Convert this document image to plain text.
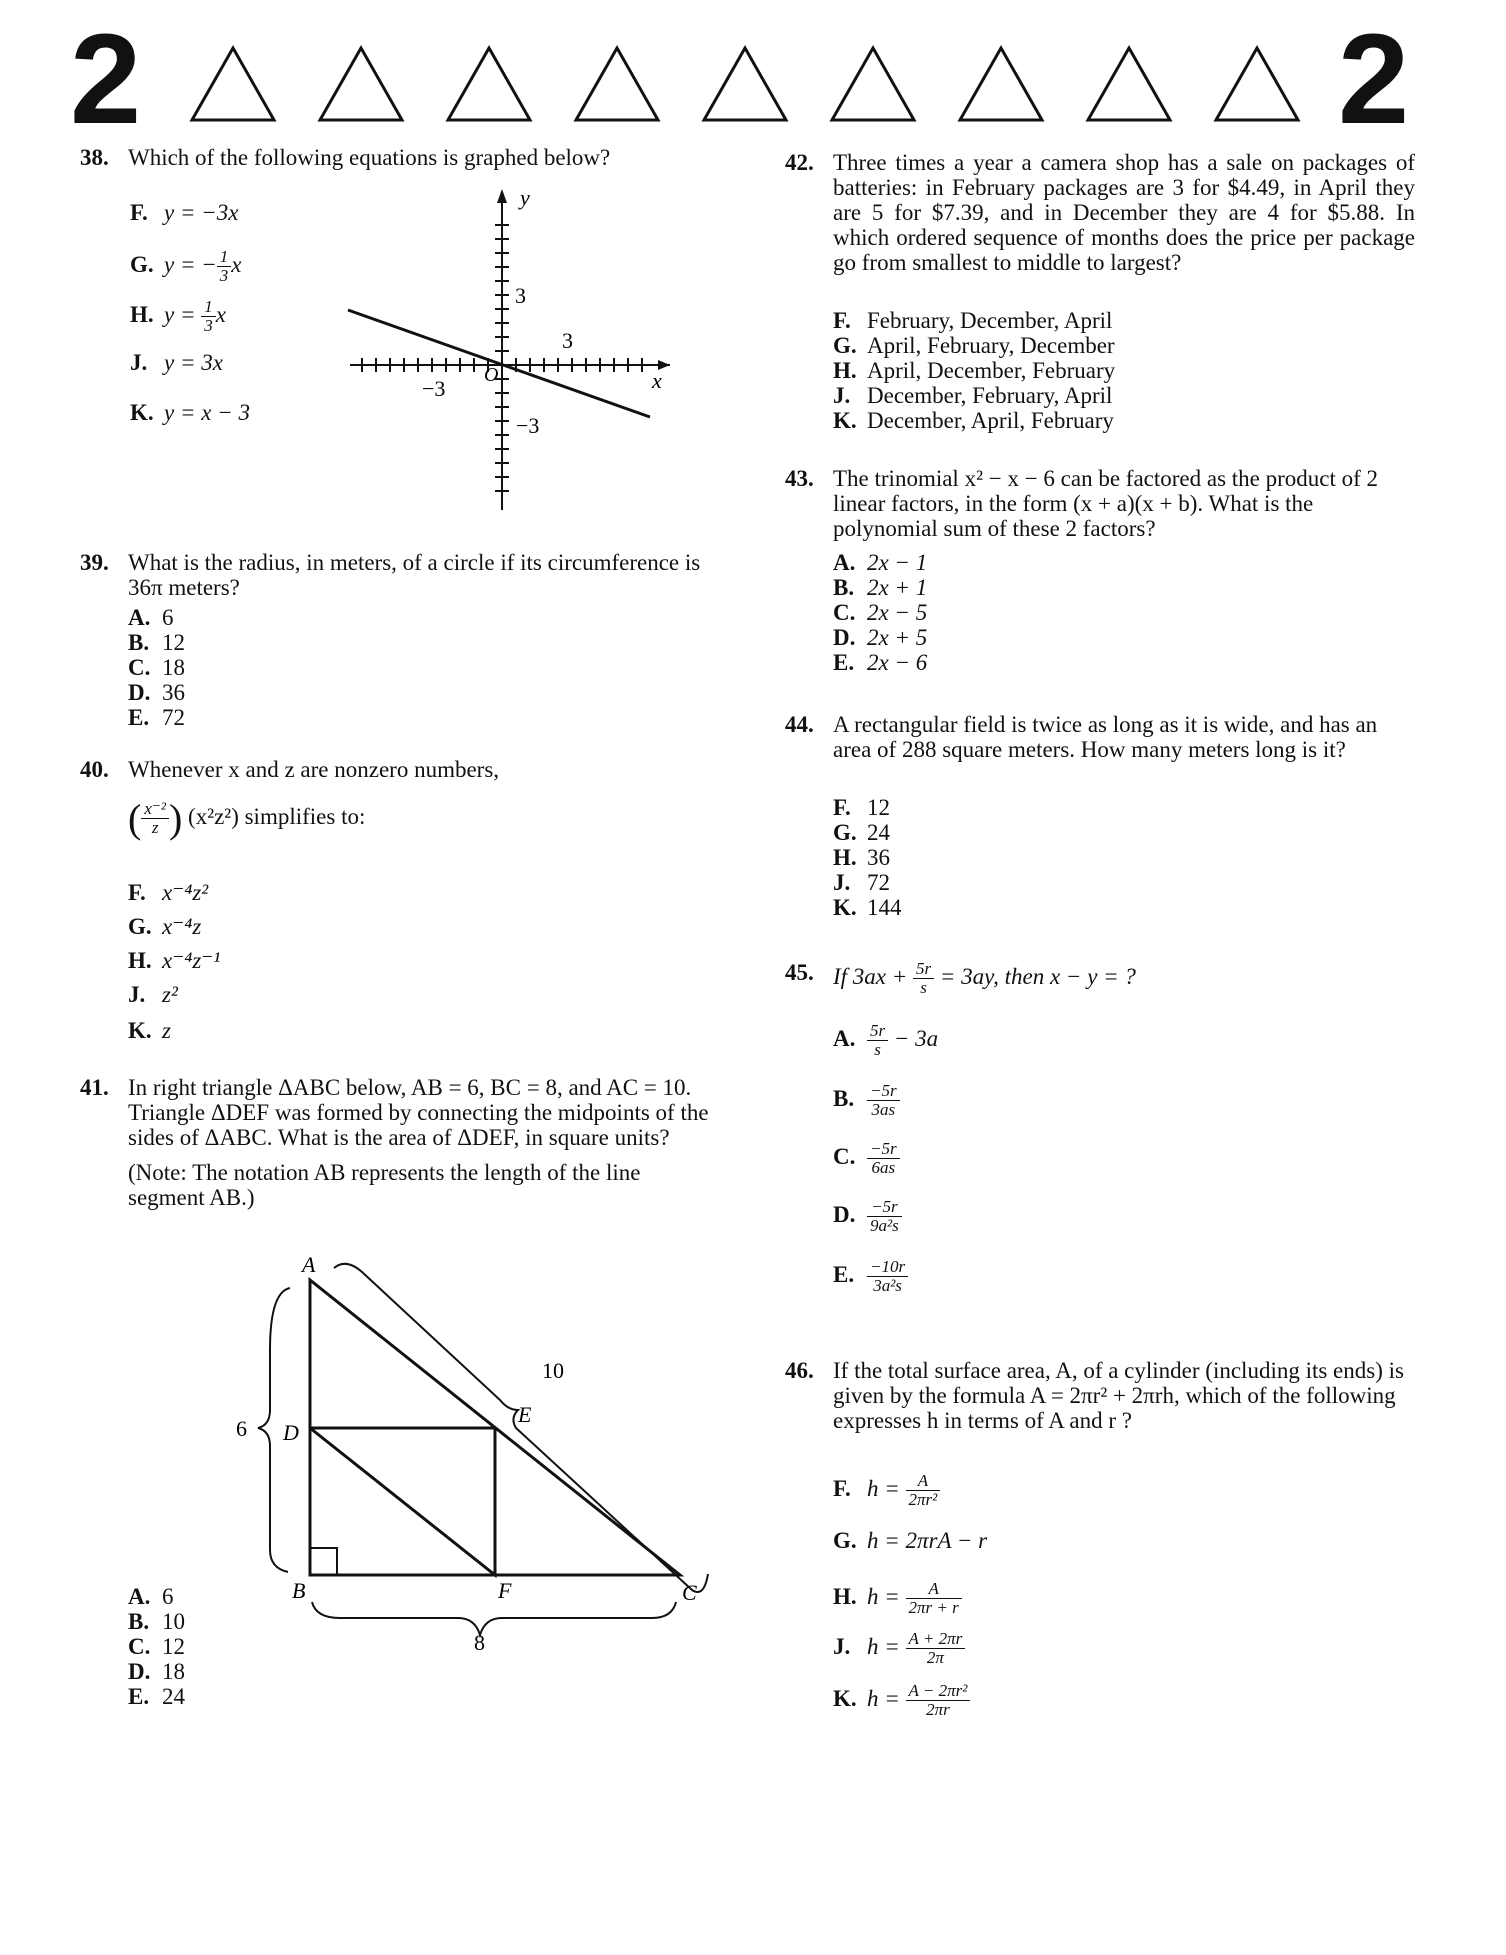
2	2
38. Which of the following equations is graphed below?
F. y = −3x
G. y = − $\frac{1}{3}$ x
H. $y = \frac{1}{3}$ x
J. y = 3x
K. y = x − 3
y
x
O
3
3
−3
−3
39. What is the radius, in meters, of a circle if its circumference is 36π meters?
A. 6
B. 12
C. 18
D. 36
E. 72
40. Whenever x and z are nonzero numbers,
( $\frac{\text{x⁻²}}{z}$ ) (x²z²) simplifies to:
F. x⁻⁴z²
G. x⁻⁴z
H. x⁻⁴z⁻¹
J. z²
K. z
41. In right triangle ΔABC below, AB = 6, BC = 8, and AC = 10. Triangle ΔDEF was formed by connecting the midpoints of the sides of ΔABC. What is the area of ΔDEF, in square units?
(Note: The notation AB represents the length of the line segment AB.)
A
B	C
D
E
F
6
8
10
A. 6
B. 10
C. 12
D. 18
E. 24
42. Three times a year a camera shop has a sale on packages of batteries: in February packages are 3 for $4.49, in April they are 5 for $7.39, and in December they are 4 for $5.88. In which ordered sequence of months does the price per package go from smallest to middle to largest?
F. February, December, April
G. April, February, December
H. April, December, February
J. December, February, April
K. December, April, February
43. The trinomial x² − x − 6 can be factored as the product of 2 linear factors, in the form (x + a)(x + b). What is the polynomial sum of these 2 factors?
A. 2x − 1
B. 2x + 1
C. 2x − 5
D. 2x + 5
E. 2x − 6
44. A rectangular field is twice as long as it is wide, and has an area of 288 square meters. How many meters long is it?
F. 12
G. 24
H. 36
J. 72
K. 144
45. If $3ax + \frac{5r}{s} = 3ay$, then x − y = ?
A. $\frac{5r}{s} - 3a$
B. $\frac{-5r}{3as}$
C. $\frac{-5r}{6as}$
D. $\frac{-5r}{\text{9a²s}}$
E. $\frac{-10r}{\text{3a²s}}$
46. If the total surface area, A, of a cylinder (including its ends) is given by the formula A = 2πr² + 2πrh, which of the following expresses h in terms of A and r ?
F. $h = \frac{A}{\text{2πr²}}$
G. h = 2πrA − r
H. $h = \frac{A}{2\pi r + r}$
J. $h = \frac{A + 2\pi r}{2\pi}$
K. $h = \frac{\text{A − 2πr²}}{2\pi r}$
